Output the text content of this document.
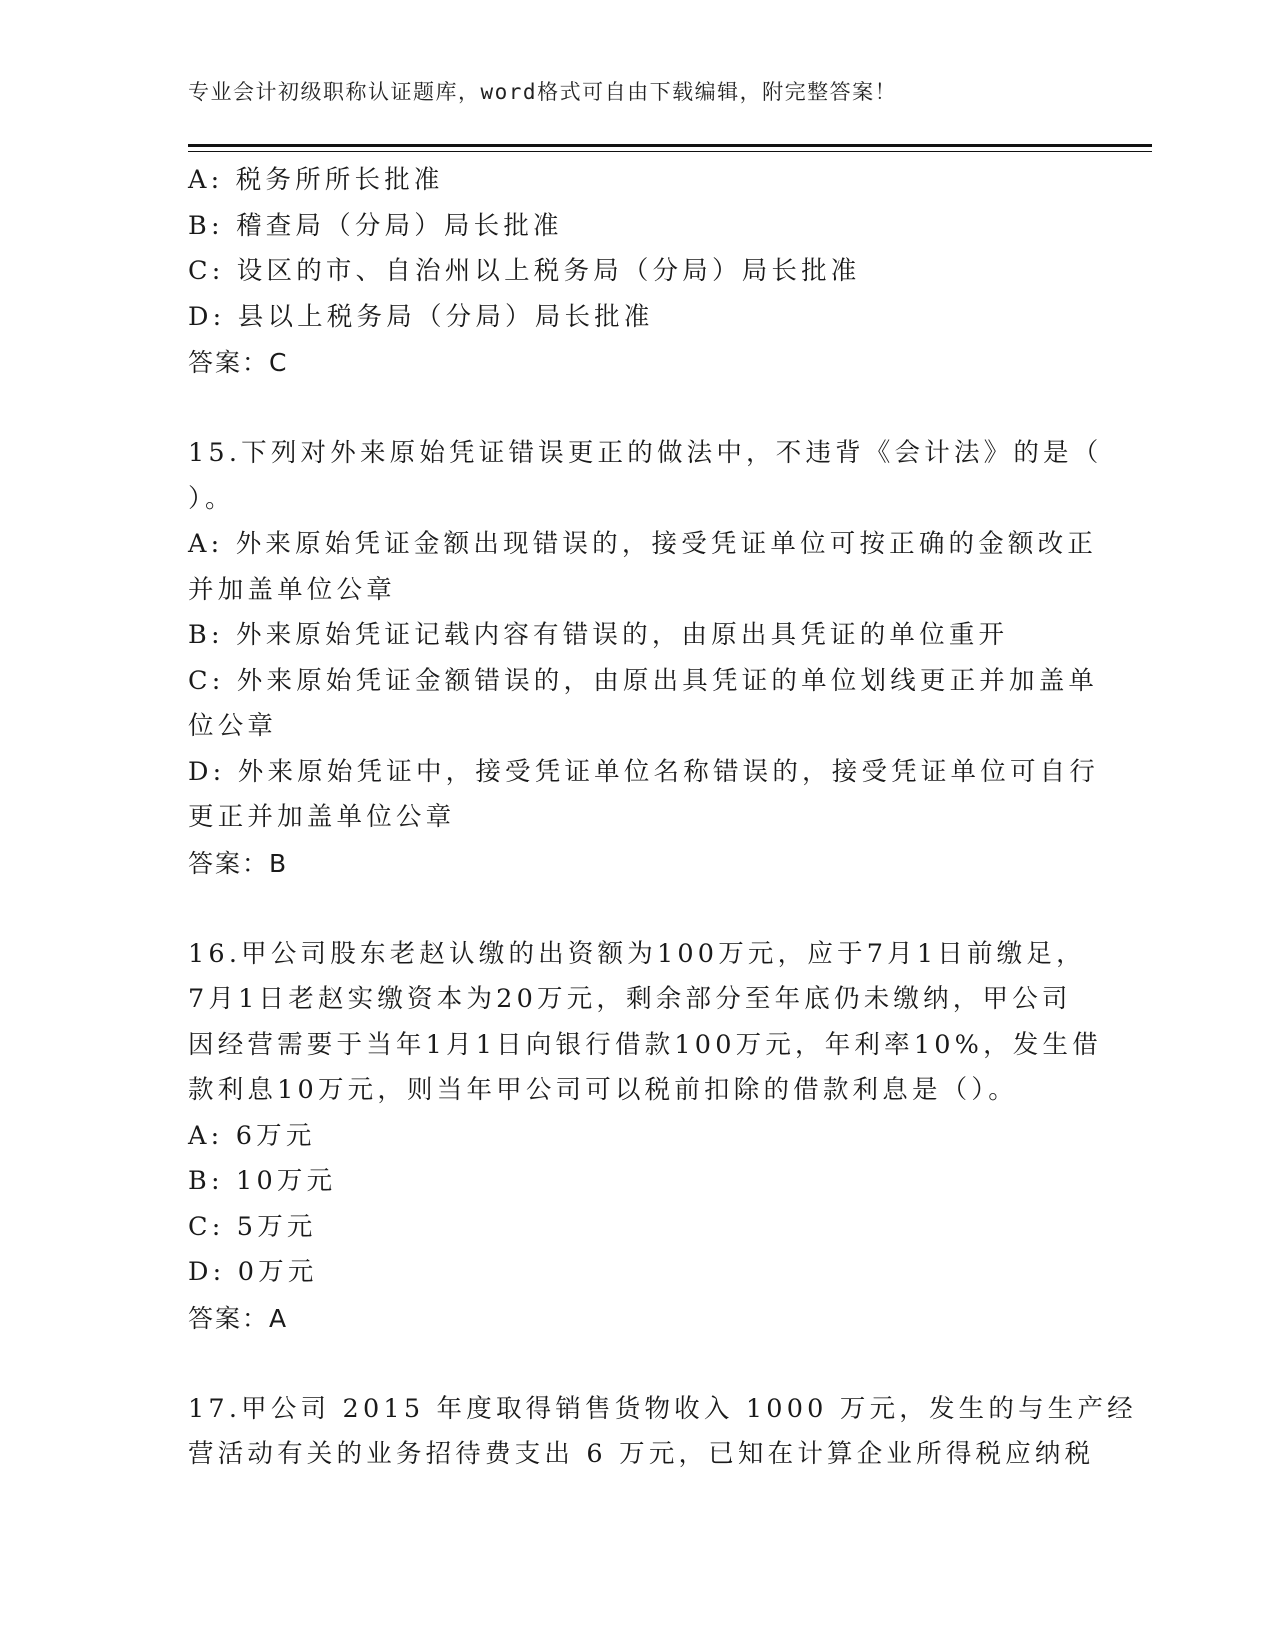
专业会计初级职称认证题库，word格式可自由下载编辑，附完整答案！
A: 税务所所长批准
B: 稽查局（分局）局长批准
C: 设区的市、自治州以上税务局（分局）局长批准
D: 县以上税务局（分局）局长批准
答案：C
15.下列对外来原始凭证错误更正的做法中，不违背《会计法》的是（
）。
A: 外来原始凭证金额出现错误的，接受凭证单位可按正确的金额改正
并加盖单位公章
B: 外来原始凭证记载内容有错误的，由原出具凭证的单位重开
C: 外来原始凭证金额错误的，由原出具凭证的单位划线更正并加盖单
位公章
D: 外来原始凭证中，接受凭证单位名称错误的，接受凭证单位可自行
更正并加盖单位公章
答案：B
16.甲公司股东老赵认缴的出资额为100万元，应于7月1日前缴足，
7月1日老赵实缴资本为20万元，剩余部分至年底仍未缴纳，甲公司
因经营需要于当年1月1日向银行借款100万元，年利率10%，发生借
款利息10万元，则当年甲公司可以税前扣除的借款利息是（）。
A: 6万元
B: 10万元
C: 5万元
D: 0万元
答案：A
17.甲公司 2015 年度取得销售货物收入 1000 万元，发生的与生产经
营活动有关的业务招待费支出 6 万元，已知在计算企业所得税应纳税
